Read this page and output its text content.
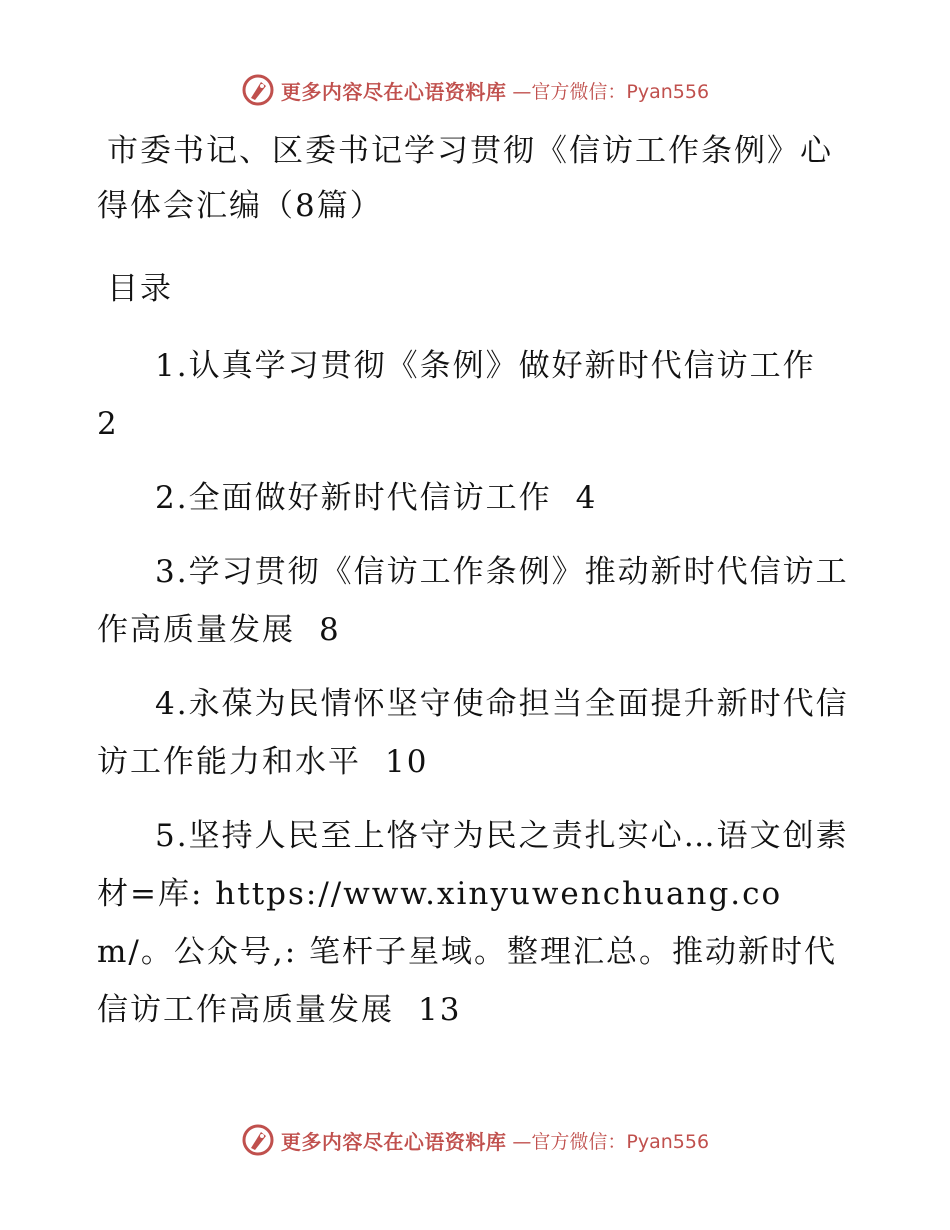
更多内容尽在心语资料库 —官方微信：Pyan556
市委书记、区委书记学习贯彻《信访工作条例》心得体会汇编（8篇）
目录
1.认真学习贯彻《条例》做好新时代信访工作
2
2.全面做好新时代信访工作 4
3.学习贯彻《信访工作条例》推动新时代信访工作高质量发展 8
4.永葆为民情怀坚守使命担当全面提升新时代信访工作能力和水平 10
5.坚持人民至上恪守为民之责扎实心…语文创素材=库: https://www.xinyuwenchuang.com/。公众号,: 笔杆子星域。整理汇总。推动新时代信访工作高质量发展 13
更多内容尽在心语资料库 —官方微信：Pyan556
